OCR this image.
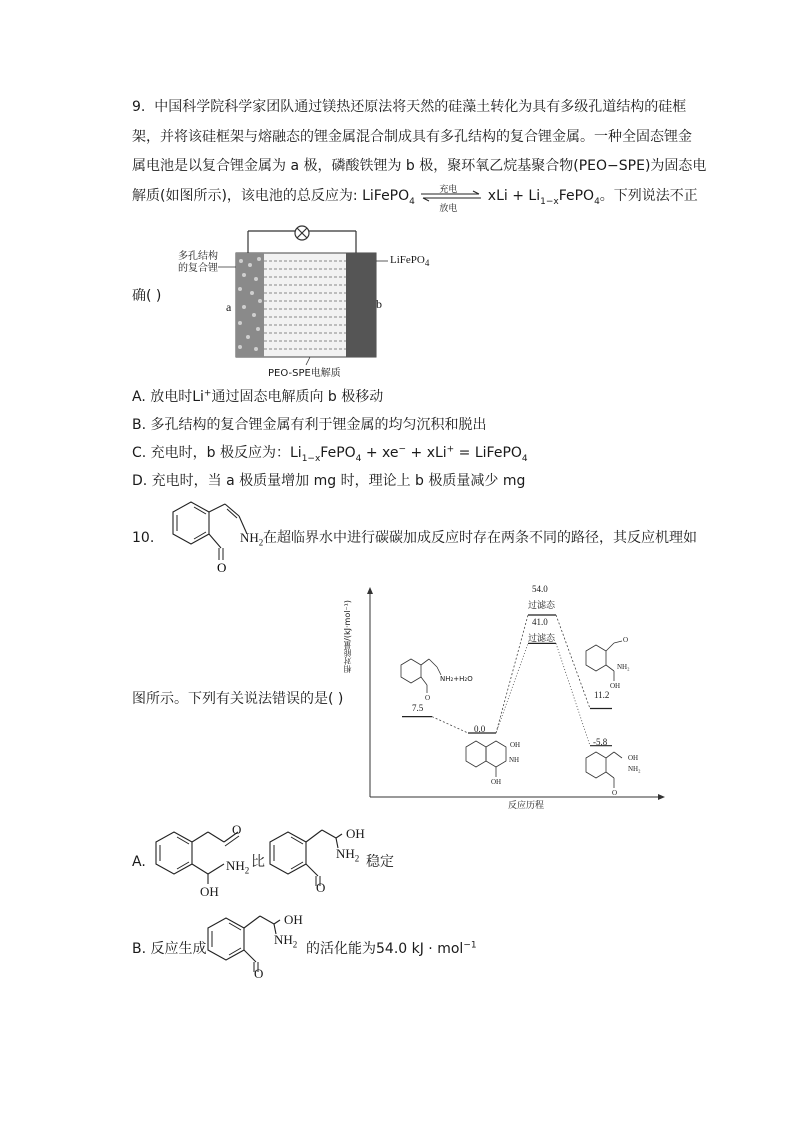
9. 中国科学院科学家团队通过镁热还原法将天然的硅藻土转化为具有多级孔道结构的硅框
架，并将该硅框架与熔融态的锂金属混合制成具有多孔结构的复合锂金属。一种全固态锂金
属电池是以复合锂金属为 a 极，磷酸铁锂为 b 极，聚环氧乙烷基聚合物(PEO−SPE)为固态电
解质(如图所示)，该电池的总反应为: LiFePO$_4$
充电
放电
xLi + $Li_{1-x}FePO_4$。下列说法不正
多孔结构
的复合锂
LiFePO$_4$
a	b
PEO-SPE电解质
确( )
A. 放电时Li+通过固态电解质向 b 极移动
B. 多孔结构的复合锂金属有利于锂金属的均匀沉积和脱出
C. 充电时，b 极反应为：$Li_{1-x}FePO_4 + xe^- + xLi^+$ = LiFePO$_4$
D. 充电时，当 a 极质量增加 mg 时，理论上 b 极质量减少 mg
10.
O
$NH_2$ 在超临界水中进行碳碳加成反应时存在两条不同的路径，其反应机理如
图所示。下列有关说法错误的是( )
相对能量/(kJ·mol⁻¹)
反应历程
7.5
0.0
54.0
过滤态
41.0
过滤态
11.2
-5.8
NH₂+H₂O
O
OH
NH
OH
O
NH₂
OH
OH
NH₂
O
A.
O
$NH_2$
OH
比
OH
$NH_2$
O
稳定
B. 反应生成
OH
$NH_2$
O
的活化能为54.0 kJ · mol$^{-1}$
